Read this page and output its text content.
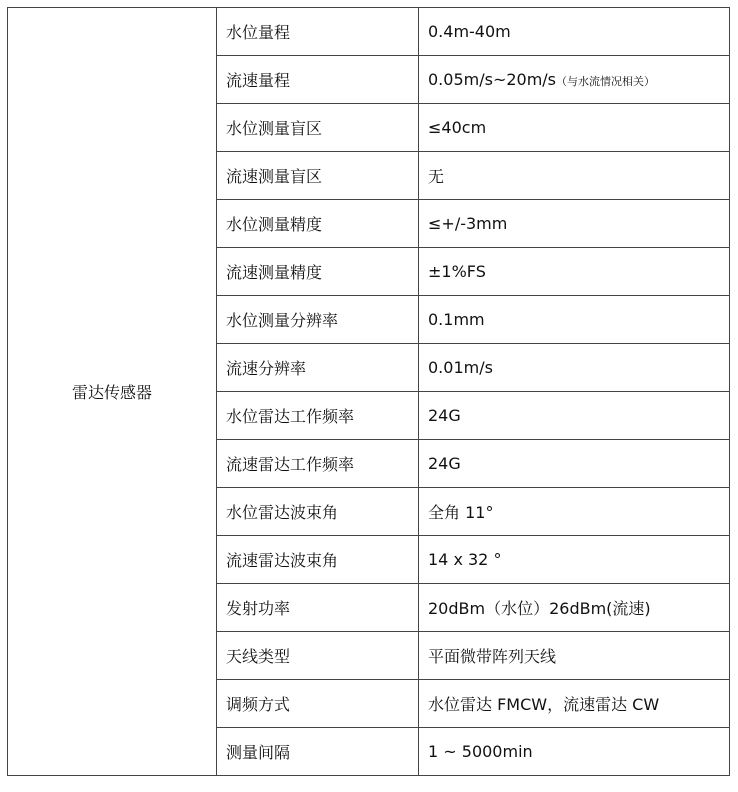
雷达传感器	水位量程	0.4m-40m
	流速量程	0.05m/s~20m/s（与水流情况相关）
	水位测量盲区	≤40cm
	流速测量盲区	无
	水位测量精度	≤+/-3mm
	流速测量精度	±1%FS
	水位测量分辨率	0.1mm
	流速分辨率	0.01m/s
	水位雷达工作频率	24G
	流速雷达工作频率	24G
	水位雷达波束角	全角 11°
	流速雷达波束角	14 x 32 °
	发射功率	20dBm（水位）26dBm(流速)
	天线类型	平面微带阵列天线
	调频方式	水位雷达 FMCW，流速雷达 CW
	测量间隔	1 ~ 5000min
